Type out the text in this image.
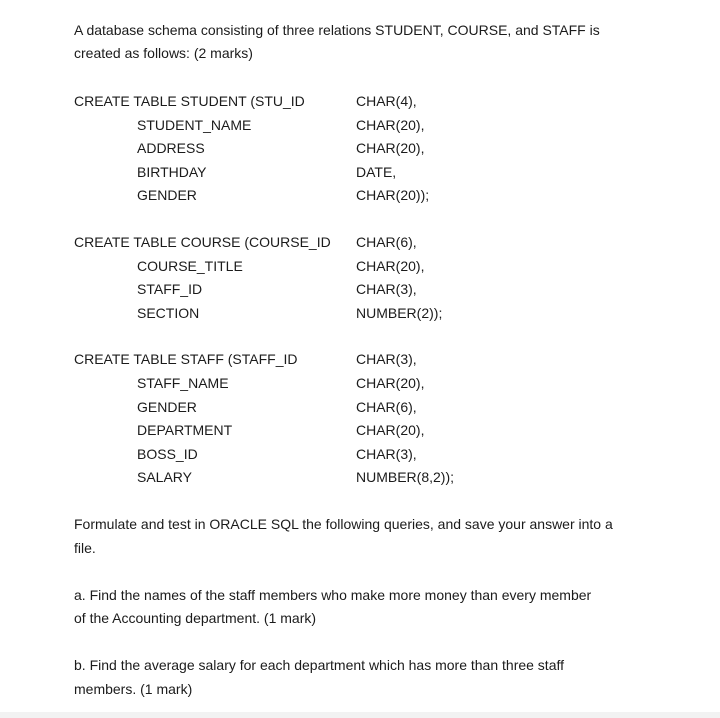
A database schema consisting of three relations STUDENT, COURSE, and STAFF is
created as follows: (2 marks)
CREATE TABLE STUDENT (STU_ID	CHAR(4),
STUDENT_NAME	CHAR(20),
ADDRESS	CHAR(20),
BIRTHDAY	DATE,
GENDER	CHAR(20));
CREATE TABLE COURSE (COURSE_ID CHAR(6),
COURSE_TITLE	CHAR(20),
STAFF_ID	CHAR(3),
SECTION	NUMBER(2));
CREATE TABLE STAFF (STAFF_ID	CHAR(3),
STAFF_NAME	CHAR(20),
GENDER	CHAR(6),
DEPARTMENT	CHAR(20),
BOSS_ID	CHAR(3),
SALARY	NUMBER(8,2));
Formulate and test in ORACLE SQL the following queries, and save your answer into a
file.
a. Find the names of the staff members who make more money than every member
of the Accounting department. (1 mark)
b. Find the average salary for each department which has more than three staff
members. (1 mark)
